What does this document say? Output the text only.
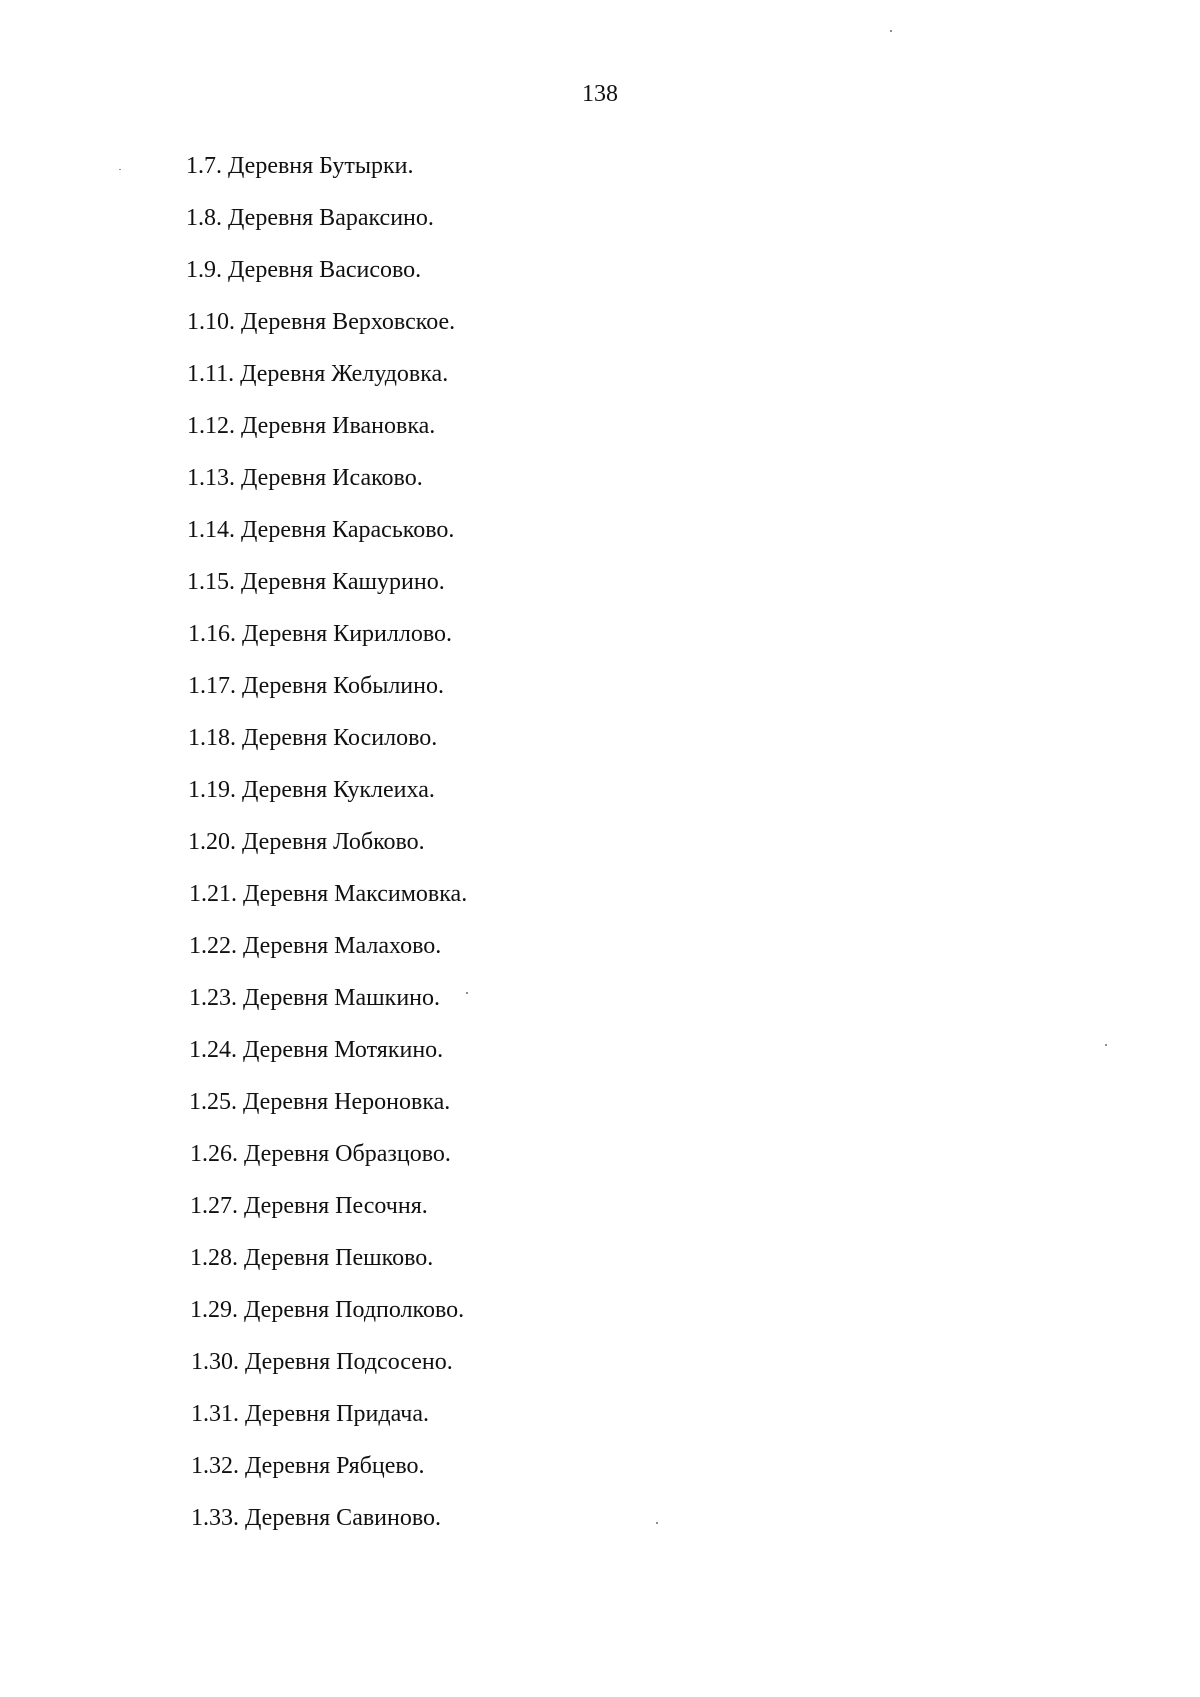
138
1.7. Деревня Бутырки.
1.8. Деревня Вараксино.
1.9. Деревня Васисово.
1.10. Деревня Верховское.
1.11. Деревня Желудовка.
1.12. Деревня Ивановка.
1.13. Деревня Исаково.
1.14. Деревня Караськово.
1.15. Деревня Кашурино.
1.16. Деревня Кириллово.
1.17. Деревня Кобылино.
1.18. Деревня Косилово.
1.19. Деревня Куклеиха.
1.20. Деревня Лобково.
1.21. Деревня Максимовка.
1.22. Деревня Малахово.
1.23. Деревня Машкино.
1.24. Деревня Мотякино.
1.25. Деревня Нероновка.
1.26. Деревня Образцово.
1.27. Деревня Песочня.
1.28. Деревня Пешково.
1.29. Деревня Подполково.
1.30. Деревня Подсосено.
1.31. Деревня Придача.
1.32. Деревня Рябцево.
1.33. Деревня Савиново.
